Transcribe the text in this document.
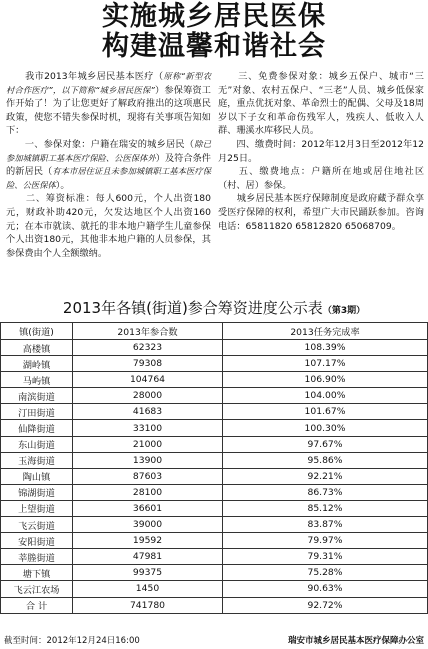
实施城乡居民医保
构建温馨和谐社会

　　我市2013年城乡居民基本医疗（原称“新型农村合作医疗”，以下简称“城乡居民医保”）参保筹资工作开始了！为了让您更好了解政府推出的这项惠民政策，使您不错失参保时机，现将有关事项告知如下：

　　一、参保对象：户籍在瑞安的城乡居民（除已参加城镇职工基本医疗保险、公医保体外）及符合条件的新居民（有本市居住证且未参加城镇职工基本医疗保险、公医保体）。

　　二、筹资标准：每人600元，个人出资180元，财政补助420元，欠发达地区个人出资160元；在本市就读、就托的非本地户籍学生儿童参保个人出资180元，其他非本地户籍的人员参保，其参保费由个人全额缴纳。

　　三、免费参保对象：城乡五保户、城市“三无”对象、农村五保户、“三老”人员、城乡低保家庭，重点优抚对象、革命烈士的配偶、父母及18周岁以下子女和革命伤残军人，残疾人、低收入人群、珊溪水库移民人员。

　　四、缴费时间：2012年12月3日至2012年12月25日。

　　五、缴费地点：户籍所在地或居住地社区（村、居）参保。

　　城乡居民基本医疗保障制度是政府藏予群众享受医疗保障的权利，希望广大市民踊跃参加。咨询电话：65811820 65812820 65068709。

2013年各镇(街道)参合筹资进度公示表（第3期）
镇(街道)	2013年参合数	2013任务完成率
高楼镇	62323	108.39%
湖岭镇	79308	107.17%
马屿镇	104764	106.90%
南滨街道	28000	104.00%
汀田街道	41683	101.67%
仙降街道	33100	100.30%
东山街道	21000	97.67%
玉海街道	13900	95.86%
陶山镇	87603	92.21%
锦湖街道	28100	86.73%
上望街道	36601	85.12%
飞云街道	39000	83.87%
安阳街道	19592	79.97%
莘塍街道	47981	79.31%
塘下镇	99375	75.28%
飞云江农场	1450	90.63%
合 计	741780	92.72%
截至时间：2012年12月24日16:00	瑞安市城乡居民基本医疗保障办公室
